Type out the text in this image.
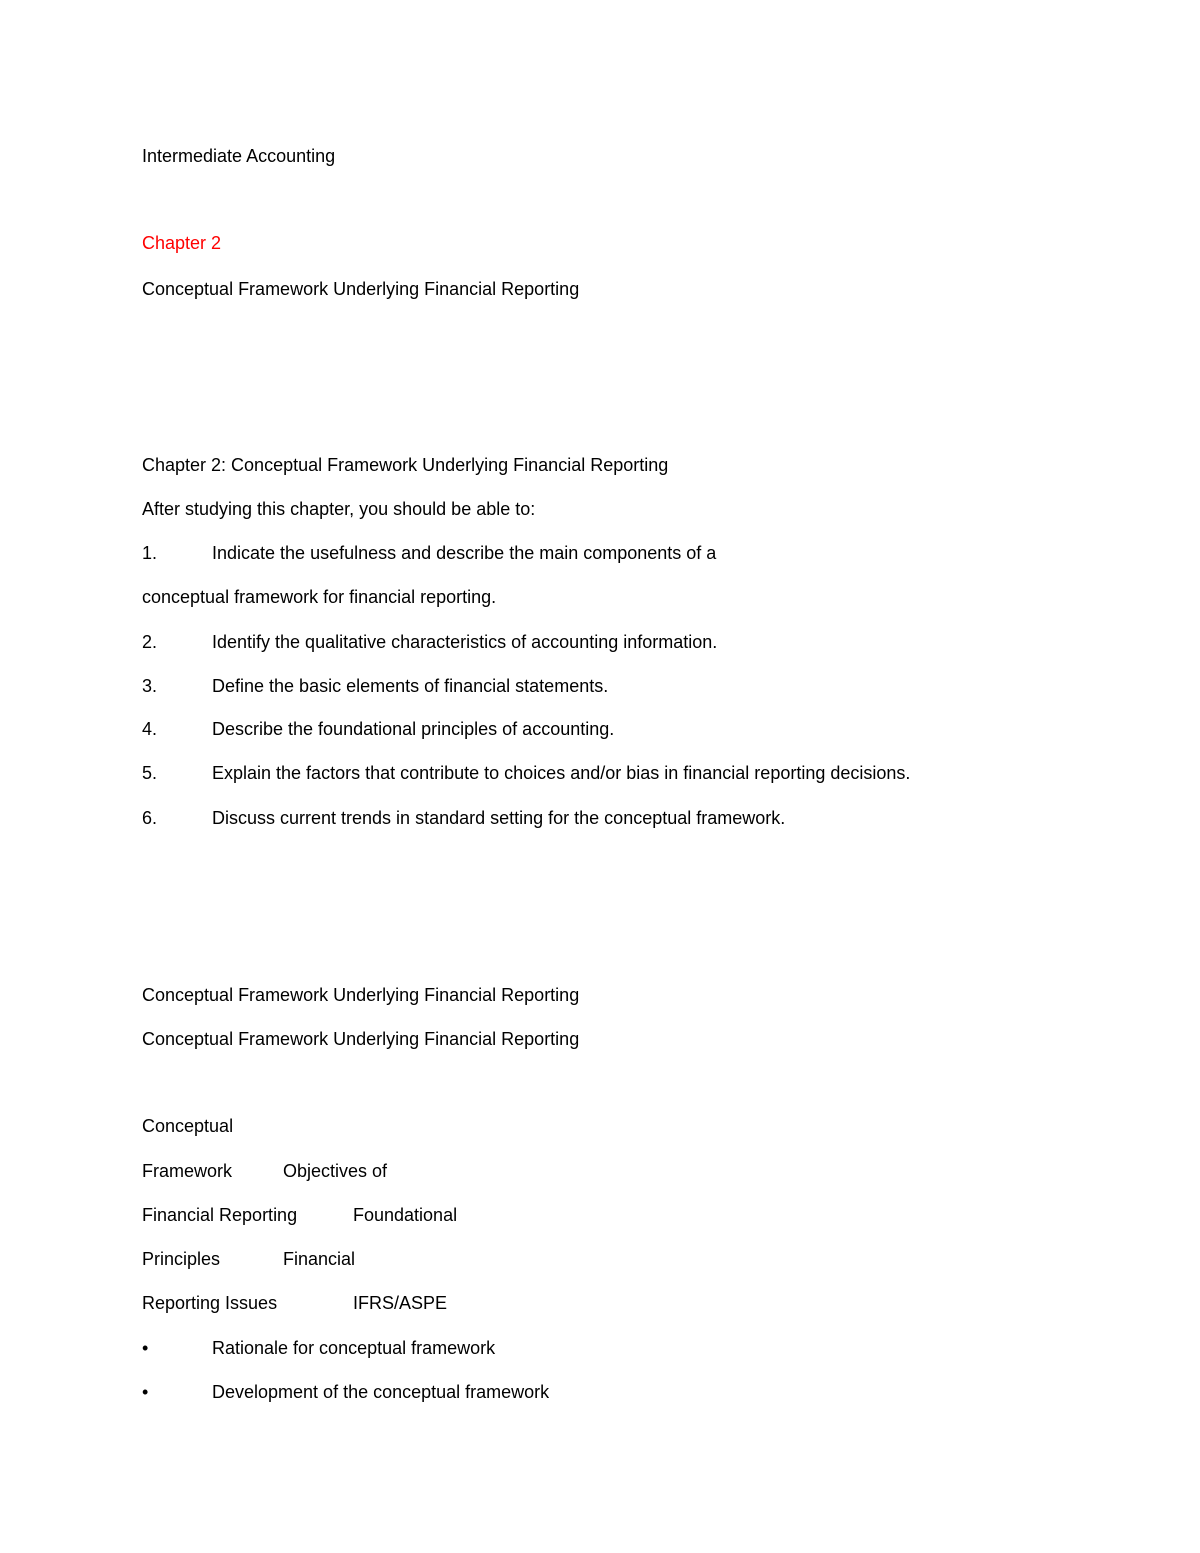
Intermediate Accounting
Chapter 2
Conceptual Framework Underlying Financial Reporting
Chapter 2: Conceptual Framework Underlying Financial Reporting
After studying this chapter, you should be able to:
1.	Indicate the usefulness and describe the main components of a
conceptual framework for financial reporting.
2.	Identify the qualitative characteristics of accounting information.
3.	Define the basic elements of financial statements.
4.	Describe the foundational principles of accounting.
5.	Explain the factors that contribute to choices and/or bias in financial reporting decisions.
6.	Discuss current trends in standard setting for the conceptual framework.
Conceptual Framework Underlying Financial Reporting
Conceptual Framework Underlying Financial Reporting
Conceptual
Framework	Objectives of
Financial Reporting	Foundational
Principles	Financial
Reporting Issues	IFRS/ASPE
•	Rationale for conceptual framework
•	Development of the conceptual framework
